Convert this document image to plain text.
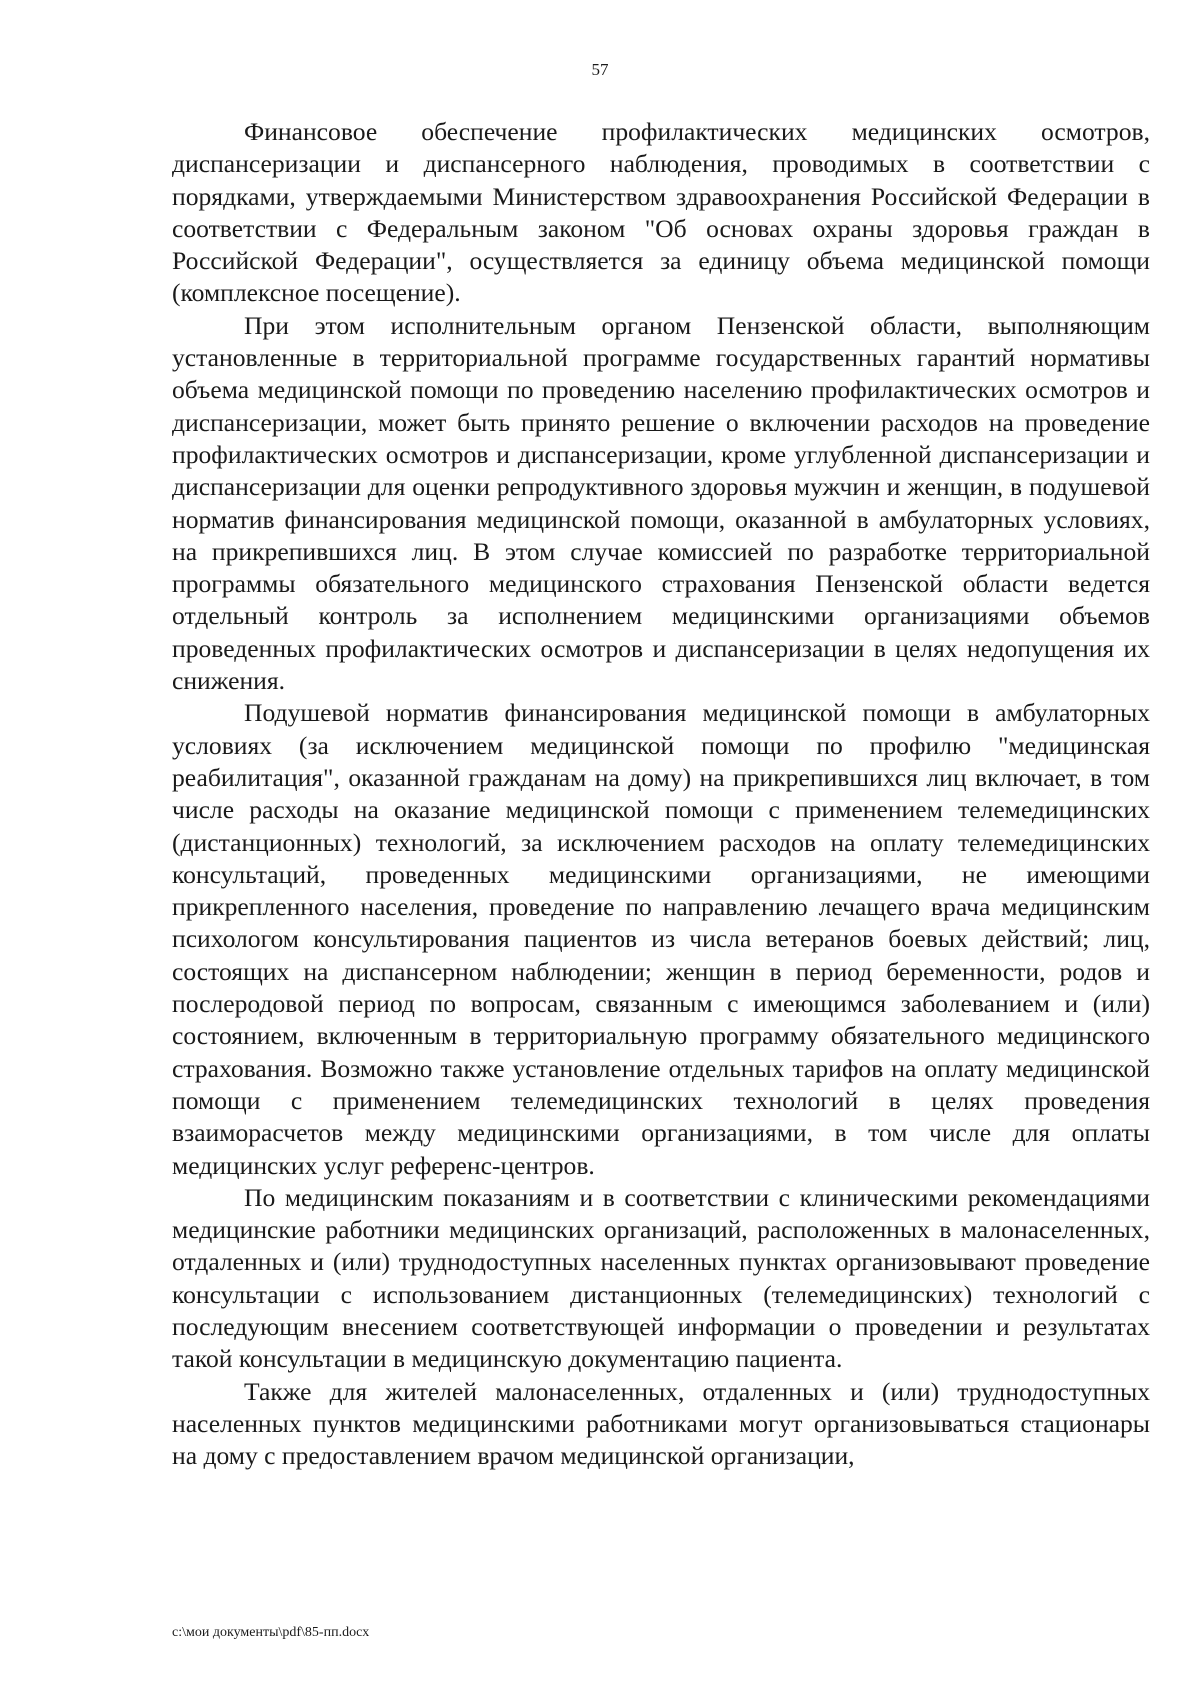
57

Финансовое обеспечение профилактических медицинских осмотров, диспансеризации и диспансерного наблюдения, проводимых в соответствии с порядками, утверждаемыми Министерством здравоохранения Российской Федерации в соответствии с Федеральным законом "Об основах охраны здоровья граждан в Российской Федерации", осуществляется за единицу объема медицинской помощи (комплексное посещение).

При этом исполнительным органом Пензенской области, выполняющим установленные в территориальной программе государственных гарантий нормативы объема медицинской помощи по проведению населению профилактических осмотров и диспансеризации, может быть принято решение о включении расходов на проведение профилактических осмотров и диспансеризации, кроме углубленной диспансеризации и диспансеризации для оценки репродуктивного здоровья мужчин и женщин, в подушевой норматив финансирования медицинской помощи, оказанной в амбулаторных условиях, на прикрепившихся лиц. В этом случае комиссией по разработке территориальной программы обязательного медицинского страхования Пензенской области ведется отдельный контроль за исполнением медицинскими организациями объемов проведенных профилактических осмотров и диспансеризации в целях недопущения их снижения.

Подушевой норматив финансирования медицинской помощи в амбулаторных условиях (за исключением медицинской помощи по профилю "медицинская реабилитация", оказанной гражданам на дому) на прикрепившихся лиц включает, в том числе расходы на оказание медицинской помощи с применением телемедицинских (дистанционных) технологий, за исключением расходов на оплату телемедицинских консультаций, проведенных медицинскими организациями, не имеющими прикрепленного населения, проведение по направлению лечащего врача медицинским психологом консультирования пациентов из числа ветеранов боевых действий; лиц, состоящих на диспансерном наблюдении; женщин в период беременности, родов и послеродовой период по вопросам, связанным с имеющимся заболеванием и (или) состоянием, включенным в территориальную программу обязательного медицинского страхования. Возможно также установление отдельных тарифов на оплату медицинской помощи с применением телемедицинских технологий в целях проведения взаиморасчетов между медицинскими организациями, в том числе для оплаты медицинских услуг референс-центров.

По медицинским показаниям и в соответствии с клиническими рекомендациями медицинские работники медицинских организаций, расположенных в малонаселенных, отдаленных и (или) труднодоступных населенных пунктах организовывают проведение консультации с использованием дистанционных (телемедицинских) технологий с последующим внесением соответствующей информации о проведении и результатах такой консультации в медицинскую документацию пациента.

Также для жителей малонаселенных, отдаленных и (или) труднодоступных населенных пунктов медицинскими работниками могут организовываться стационары на дому с предоставлением врачом медицинской организации,

c:\мои документы\pdf\85-пп.docx
